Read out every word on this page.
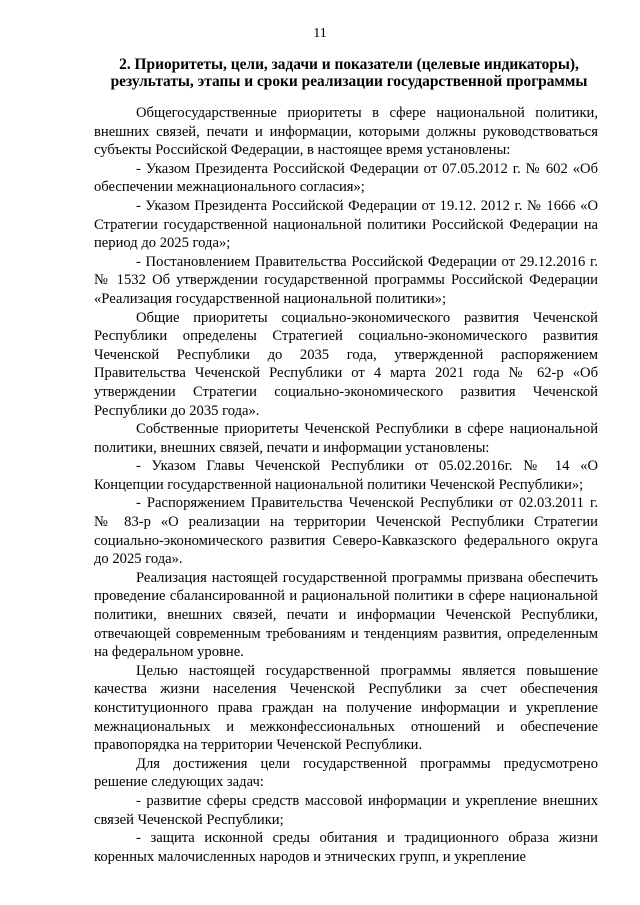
11
2. Приоритеты, цели, задачи и показатели (целевые индикаторы), результаты, этапы и сроки реализации государственной программы

Общегосударственные приоритеты в сфере национальной политики, внешних связей, печати и информации, которыми должны руководствоваться субъекты Российской Федерации, в настоящее время установлены:

- Указом Президента Российской Федерации от 07.05.2012 г. № 602 «Об обеспечении межнационального согласия»;

- Указом Президента Российской Федерации от 19.12. 2012 г. № 1666 «О Стратегии государственной национальной политики Российской Федерации на период до 2025 года»;

- Постановлением Правительства Российской Федерации от 29.12.2016 г. № 1532 Об утверждении государственной программы Российской Федерации «Реализация государственной национальной политики»;

Общие приоритеты социально-экономического развития Чеченской Республики определены Стратегией социально-экономического развития Чеченской Республики до 2035 года, утвержденной распоряжением Правительства Чеченской Республики от 4 марта 2021 года № 62-р «Об утверждении Стратегии социально-экономического развития Чеченской Республики до 2035 года».

Собственные приоритеты Чеченской Республики в сфере национальной политики, внешних связей, печати и информации установлены:

- Указом Главы Чеченской Республики от 05.02.2016г. № 14 «О Концепции государственной национальной политики Чеченской Республики»;

- Распоряжением Правительства Чеченской Республики от 02.03.2011 г. № 83-р «О реализации на территории Чеченской Республики Стратегии социально-экономического развития Северо-Кавказского федерального округа до 2025 года».

Реализация настоящей государственной программы призвана обеспечить проведение сбалансированной и рациональной политики в сфере национальной политики, внешних связей, печати и информации Чеченской Республики, отвечающей современным требованиям и тенденциям развития, определенным на федеральном уровне.

Целью настоящей государственной программы является повышение качества жизни населения Чеченской Республики за счет обеспечения конституционного права граждан на получение информации и укрепление межнациональных и межконфессиональных отношений и обеспечение правопорядка на территории Чеченской Республики.

Для достижения цели государственной программы предусмотрено решение следующих задач:

- развитие сферы средств массовой информации и укрепление внешних связей Чеченской Республики;

- защита исконной среды обитания и традиционного образа жизни коренных малочисленных народов и этнических групп, и укрепление
